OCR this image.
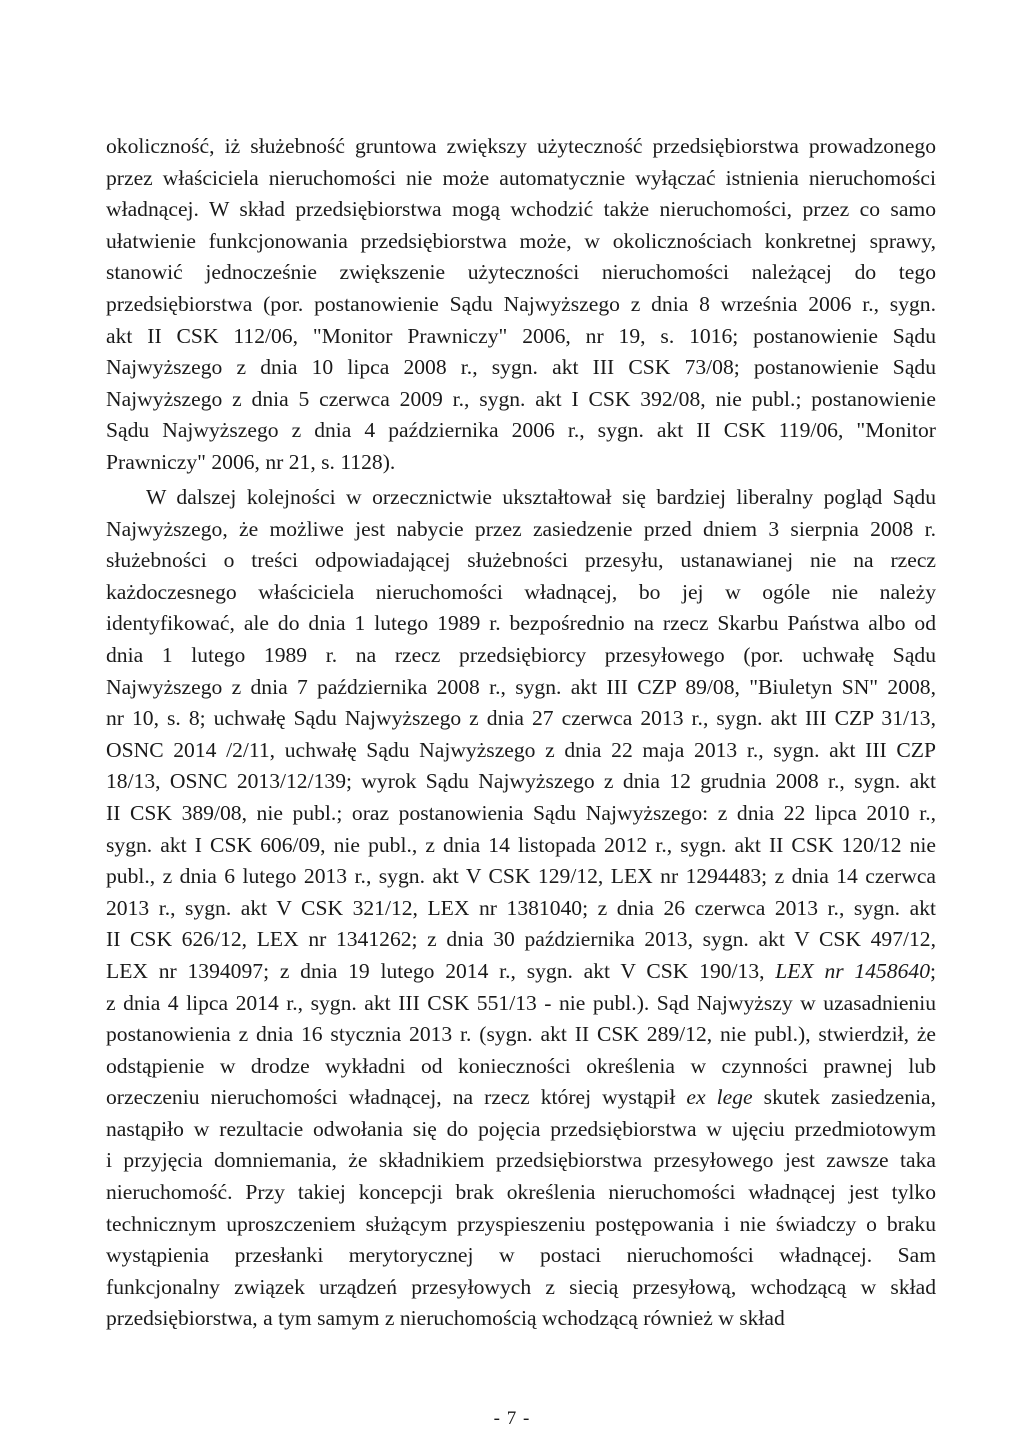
okoliczność, iż służebność gruntowa zwiększy użyteczność przedsiębiorstwa prowadzonego
przez właściciela nieruchomości nie może automatycznie wyłączać istnienia nieruchomości
władnącej. W skład przedsiębiorstwa mogą wchodzić także nieruchomości, przez co samo
ułatwienie funkcjonowania przedsiębiorstwa może, w okolicznościach konkretnej sprawy,
stanowić jednocześnie zwiększenie użyteczności nieruchomości należącej do tego
przedsiębiorstwa (por. postanowienie Sądu Najwyższego z dnia 8 września 2006 r., sygn.
akt II CSK 112/06, "Monitor Prawniczy" 2006, nr 19, s. 1016; postanowienie Sądu
Najwyższego z dnia 10 lipca 2008 r., sygn. akt III CSK 73/08; postanowienie Sądu
Najwyższego z dnia 5 czerwca 2009 r., sygn. akt I CSK 392/08, nie publ.; postanowienie
Sądu Najwyższego z dnia 4 października 2006 r., sygn. akt II CSK 119/06, "Monitor
Prawniczy" 2006, nr 21, s. 1128).
W dalszej kolejności w orzecznictwie ukształtował się bardziej liberalny pogląd Sądu
Najwyższego, że możliwe jest nabycie przez zasiedzenie przed dniem 3 sierpnia 2008 r.
służebności o treści odpowiadającej służebności przesyłu, ustanawianej nie na rzecz
każdoczesnego właściciela nieruchomości władnącej, bo jej w ogóle nie należy
identyfikować, ale do dnia 1 lutego 1989 r. bezpośrednio na rzecz Skarbu Państwa albo od
dnia 1 lutego 1989 r. na rzecz przedsiębiorcy przesyłowego (por. uchwałę Sądu
Najwyższego z dnia 7 października 2008 r., sygn. akt III CZP 89/08, "Biuletyn SN" 2008,
nr 10, s. 8; uchwałę Sądu Najwyższego z dnia 27 czerwca 2013 r., sygn. akt III CZP 31/13,
OSNC 2014 /2/11, uchwałę Sądu Najwyższego z dnia 22 maja 2013 r., sygn. akt III CZP
18/13, OSNC 2013/12/139; wyrok Sądu Najwyższego z dnia 12 grudnia 2008 r., sygn. akt
II CSK 389/08, nie publ.; oraz postanowienia Sądu Najwyższego: z dnia 22 lipca 2010 r.,
sygn. akt I CSK 606/09, nie publ., z dnia 14 listopada 2012 r., sygn. akt II CSK 120/12 nie
publ., z dnia 6 lutego 2013 r., sygn. akt V CSK 129/12, LEX nr 1294483; z dnia 14 czerwca
2013 r., sygn. akt V CSK 321/12, LEX nr 1381040; z dnia 26 czerwca 2013 r., sygn. akt
II CSK 626/12, LEX nr 1341262; z dnia 30 października 2013, sygn. akt V CSK 497/12,
LEX nr 1394097; z dnia 19 lutego 2014 r., sygn. akt V CSK 190/13, LEX nr 1458640;
z dnia 4 lipca 2014 r., sygn. akt III CSK 551/13 - nie publ.). Sąd Najwyższy w uzasadnieniu
postanowienia z dnia 16 stycznia 2013 r. (sygn. akt II CSK 289/12, nie publ.), stwierdził, że
odstąpienie w drodze wykładni od konieczności określenia w czynności prawnej lub
orzeczeniu nieruchomości władnącej, na rzecz której wystąpił ex lege skutek zasiedzenia,
nastąpiło w rezultacie odwołania się do pojęcia przedsiębiorstwa w ujęciu przedmiotowym
i przyjęcia domniemania, że składnikiem przedsiębiorstwa przesyłowego jest zawsze taka
nieruchomość. Przy takiej koncepcji brak określenia nieruchomości władnącej jest tylko
technicznym uproszczeniem służącym przyspieszeniu postępowania i nie świadczy o braku
wystąpienia przesłanki merytorycznej w postaci nieruchomości władnącej. Sam
funkcjonalny związek urządzeń przesyłowych z siecią przesyłową, wchodzącą w skład
przedsiębiorstwa, a tym samym z nieruchomością wchodzącą również w skład
- 7 -
